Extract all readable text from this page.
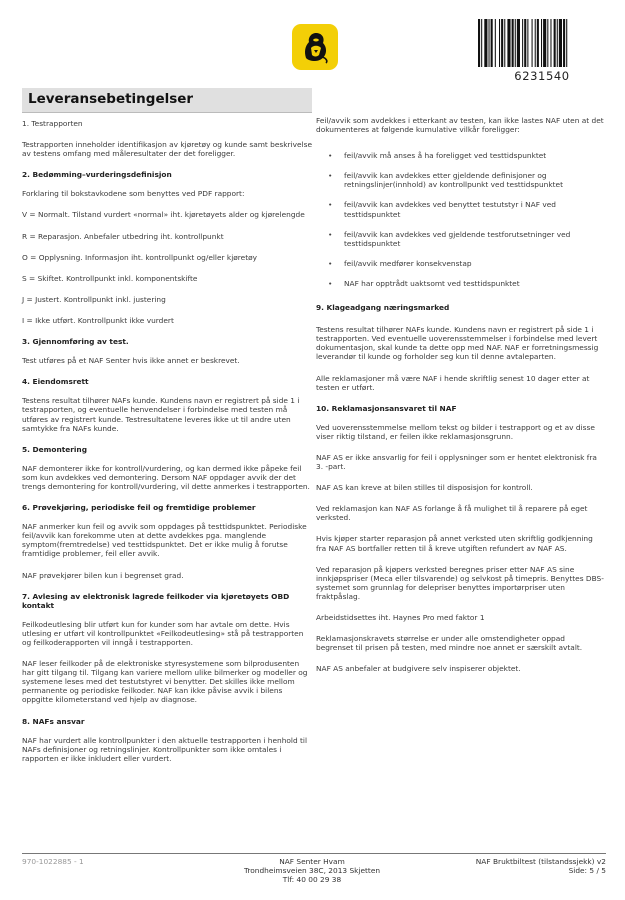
6231540
Leveransebetingelser
1. Testrapporten
Testrapporten inneholder identifikasjon av kjøretøy og kunde samt beskrivelse av testens omfang med måleresultater der det foreligger.
2. Bedømming–vurderingsdefinisjon
Forklaring til bokstavkodene som benyttes ved PDF rapport:
V = Normalt. Tilstand vurdert «normal» iht. kjøretøyets alder og kjørelengde
R = Reparasjon. Anbefaler utbedring iht. kontrollpunkt
O = Opplysning. Informasjon iht. kontrollpunkt og/eller kjøretøy
S = Skiftet. Kontrollpunkt inkl. komponentskifte
J = Justert. Kontrollpunkt inkl. justering
I = Ikke utført. Kontrollpunkt ikke vurdert
3. Gjennomføring av test.
Test utføres på et NAF Senter hvis ikke annet er beskrevet.
4. Eiendomsrett
Testens resultat tilhører NAFs kunde. Kundens navn er registrert på side 1 i testrapporten, og eventuelle henvendelser i forbindelse med testen må utføres av registrert kunde. Testresultatene leveres ikke ut til andre uten samtykke fra NAFs kunde.
5. Demontering
NAF demonterer ikke for kontroll/vurdering, og kan dermed ikke påpeke feil som kun avdekkes ved demontering. Dersom NAF oppdager avvik der det trengs demontering for kontroll/vurdering, vil dette anmerkes i testrapporten.
6. Prøvekjøring, periodiske feil og fremtidige problemer
NAF anmerker kun feil og avvik som oppdages på testtidspunktet. Periodiske feil/avvik kan forekomme uten at dette avdekkes pga. manglende symptom(fremtredelse) ved testtidspunktet. Det er ikke mulig å forutse framtidige problemer, feil eller avvik.
NAF prøvekjører bilen kun i begrenset grad.
7. Avlesing av elektronisk lagrede feilkoder via kjøretøyets OBD kontakt
Feilkodeutlesing blir utført kun for kunder som har avtale om dette. Hvis utlesing er utført vil kontrollpunktet «Feilkodeutlesing» stå på testrapporten og feilkoderapporten vil inngå i testrapporten.
NAF leser feilkoder på de elektroniske styresystemene som bilprodusenten har gitt tilgang til. Tilgang kan variere mellom ulike bilmerker og modeller og systemene leses med det testutstyret vi benytter. Det skilles ikke mellom permanente og periodiske feilkoder. NAF kan ikke påvise avvik i bilens oppgitte kilometerstand ved hjelp av diagnose.
8. NAFs ansvar
NAF har vurdert alle kontrollpunkter i den aktuelle testrapporten i henhold til NAFs definisjoner og retningslinjer. Kontrollpunkter som ikke omtales i rapporten er ikke inkludert eller vurdert.
Feil/avvik som avdekkes i etterkant av testen, kan ikke lastes NAF uten at det dokumenteres at følgende kumulative vilkår foreligger:
• feil/avvik må anses å ha foreligget ved testtidspunktet
• feil/avvik kan avdekkes etter gjeldende definisjoner og retningslinjer(innhold) av kontrollpunkt ved testtidspunktet
• feil/avvik kan avdekkes ved benyttet testutstyr i NAF ved testtidspunktet
• feil/avvik kan avdekkes ved gjeldende testforutsetninger ved testtidspunktet
• feil/avvik medfører konsekvenstap
• NAF har opptrådt uaktsomt ved testtidspunktet
9. Klageadgang næringsmarked
Testens resultat tilhører NAFs kunde. Kundens navn er registrert på side 1 i testrapporten. Ved eventuelle uoverensstemmelser i forbindelse med levert dokumentasjon, skal kunde ta dette opp med NAF. NAF er forretningsmessig leverandør til kunde og forholder seg kun til denne avtaleparten.
Alle reklamasjoner må være NAF i hende skriftlig senest 10 dager etter at testen er utført.
10. Reklamasjonsansvaret til NAF
Ved uoverensstemmelse mellom tekst og bilder i testrapport og et av disse viser riktig tilstand, er feilen ikke reklamasjonsgrunn.
NAF AS er ikke ansvarlig for feil i opplysninger som er hentet elektronisk fra 3. -part.
NAF AS kan kreve at bilen stilles til disposisjon for kontroll.
Ved reklamasjon kan NAF AS forlange å få mulighet til å reparere på eget verksted.
Hvis kjøper starter reparasjon på annet verksted uten skriftlig godkjenning fra NAF AS bortfaller retten til å kreve utgiften refundert av NAF AS.
Ved reparasjon på kjøpers verksted beregnes priser etter NAF AS sine innkjøpspriser (Meca eller tilsvarende) og selvkost på timepris. Benyttes DBS-systemet som grunnlag for delepriser benyttes importørpriser uten fraktpåslag.
Arbeidstidsettes iht. Haynes Pro med faktor 1
Reklamasjonskravets størrelse er under alle omstendigheter oppad begrenset til prisen på testen, med mindre noe annet er særskilt avtalt.
NAF AS anbefaler at budgivere selv inspiserer objektet.
970-1022885 - 1	NAF Senter Hvam
Trondheimsveien 38C, 2013 Skjetten
Tlf: 40 00 29 38
NAF Bruktbiltest (tilstandssjekk) v2
Side: 5 / 5
